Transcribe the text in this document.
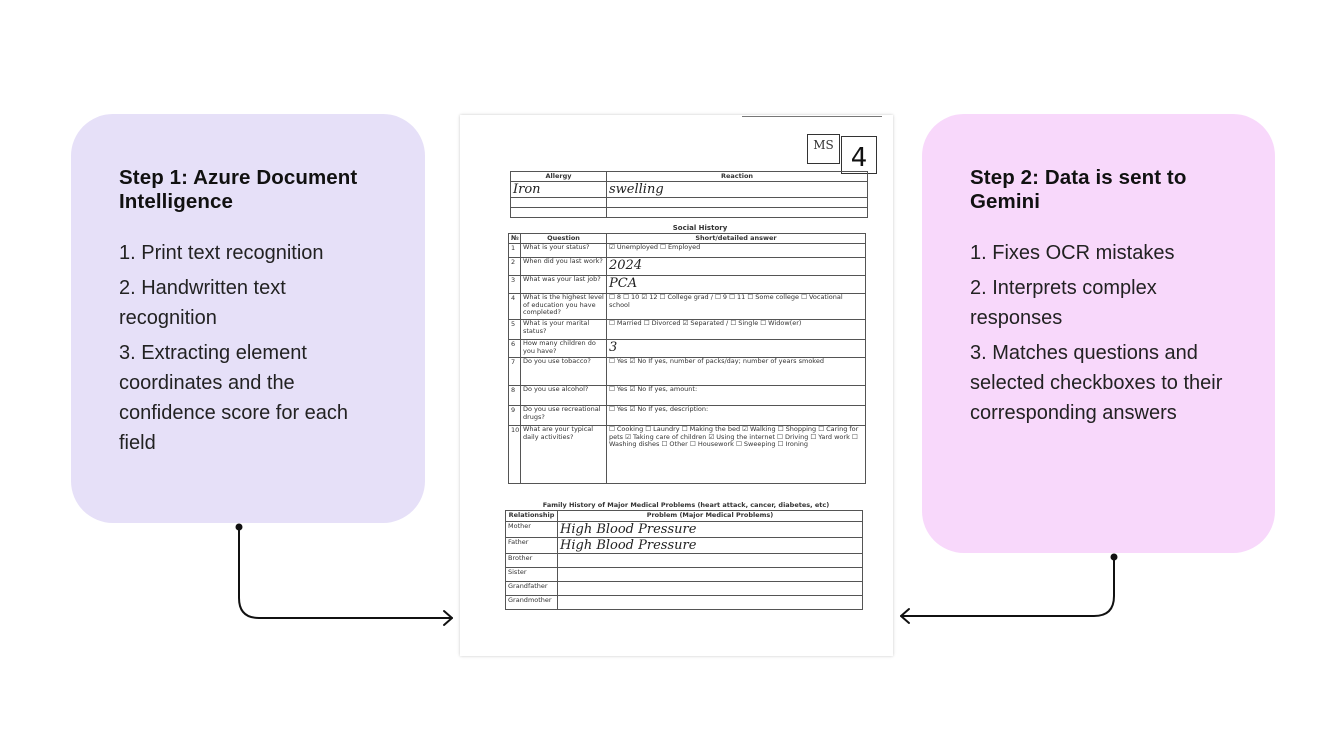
Step 1: Azure Document Intelligence
1. Print text recognition
2. Handwritten text recognition
3. Extracting element coordinates and the confidence score for each field
Step 2: Data is sent to Gemini
1. Fixes OCR mistakes
2. Interprets complex responses
3. Matches questions and selected checkboxes to their corresponding answers
MS 4
Allergy	Reaction
Iron	swelling

Social History
№	Question	Short/detailed answer
1	What is your status?	☑ Unemployed ☐ Employed
2	When did you last work?	2024
3	What was your last job?	PCA
4	What is the highest level of education you have completed?	☐ 8 ☐ 10 ☑ 12 ☐ College grad / ☐ 9 ☐ 11 ☐ Some college ☐ Vocational school
5	What is your marital status?	☐ Married ☐ Divorced ☑ Separated / ☐ Single ☐ Widow(er)
6	How many children do you have?	3
7	Do you use tobacco?	☐ Yes ☑ No If yes, number of packs/day; number of years smoked
8	Do you use alcohol?	☐ Yes ☑ No If yes, amount:
9	Do you use recreational drugs?	☐ Yes ☑ No If yes, description:
10	What are your typical daily activities?	☐ Cooking ☐ Laundry ☐ Making the bed ☑ Walking ☐ Shopping ☐ Caring for pets ☑ Taking care of children ☑ Using the internet ☐ Driving ☐ Yard work ☐ Washing dishes ☐ Other ☐ Housework ☐ Sweeping ☐ Ironing
Family History of Major Medical Problems (heart attack, cancer, diabetes, etc)
Relationship	Problem (Major Medical Problems)
Mother	High Blood Pressure
Father	High Blood Pressure
Brother	
Sister	
Grandfather	
Grandmother	
